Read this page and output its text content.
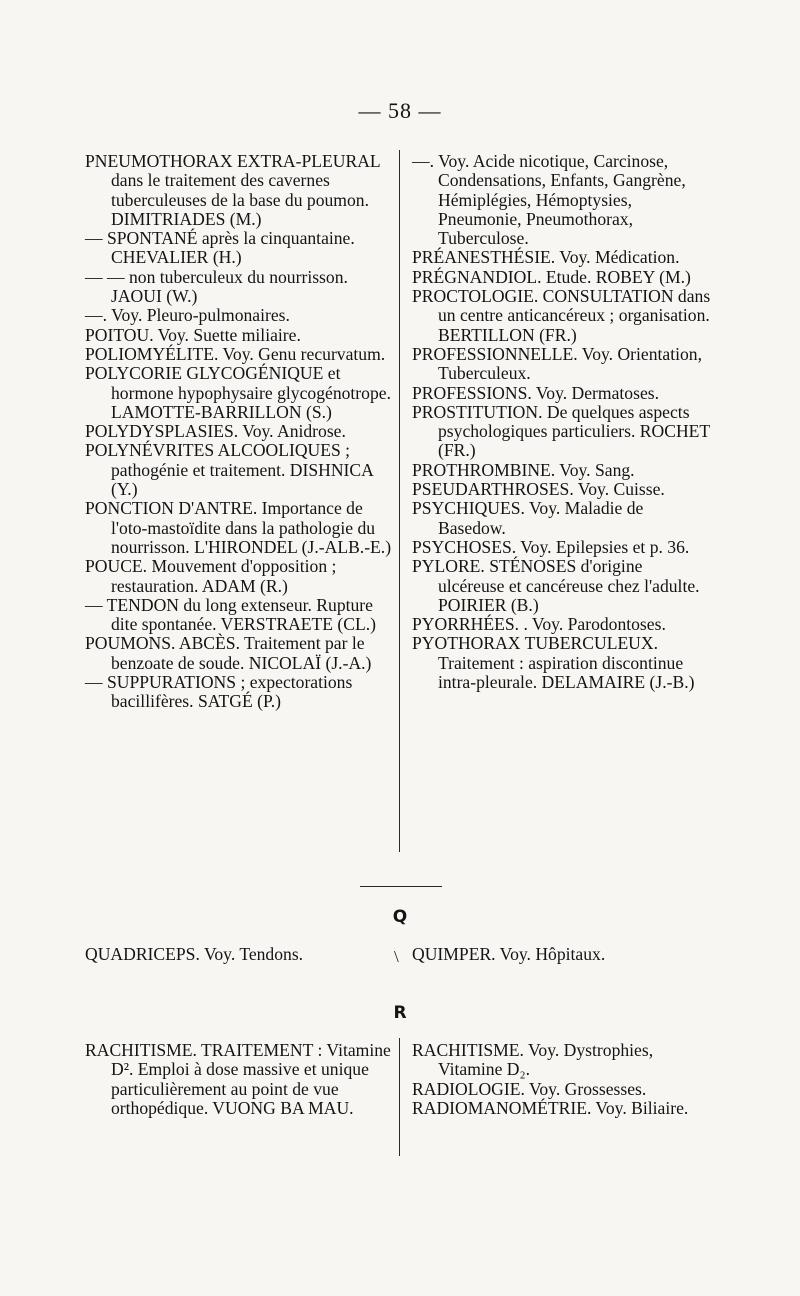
— 58 —

PNEUMOTHORAX EXTRA-PLEURAL dans le traitement des cavernes tuberculeuses de la base du poumon. DIMITRIADES (M.)

— SPONTANÉ après la cinquantaine. CHEVALIER (H.)

— — non tuberculeux du nourrisson. JAOUI (W.)

—. Voy. Pleuro-pulmonaires.

POITOU. Voy. Suette miliaire.

POLIOMYÉLITE. Voy. Genu recurvatum.

POLYCORIE GLYCOGÉNIQUE et hormone hypophysaire glycogénotrope. LAMOTTE-BARRILLON (S.)

POLYDYSPLASIES. Voy. Anidrose.

POLYNÉVRITES ALCOOLIQUES ; pathogénie et traitement. DISHNICA (Y.)

PONCTION D'ANTRE. Importance de l'oto-mastoïdite dans la pathologie du nourrisson. L'HIRONDEL (J.-ALB.-E.)

POUCE. Mouvement d'opposition ; restauration. ADAM (R.)

— TENDON du long extenseur. Rupture dite spontanée. VERSTRAETE (CL.)

POUMONS. ABCÈS. Traitement par le benzoate de soude. NICOLAÏ (J.-A.)

— SUPPURATIONS ; expectorations bacillifères. SATGÉ (P.)

—. Voy. Acide nicotique, Carcinose, Condensations, Enfants, Gangrène, Hémiplégies, Hémoptysies, Pneumonie, Pneumothorax, Tuberculose.

PRÉANESTHÉSIE. Voy. Médication.

PRÉGNANDIOL. Etude. ROBEY (M.)

PROCTOLOGIE. CONSULTATION dans un centre anticancéreux ; organisation. BERTILLON (FR.)

PROFESSIONNELLE. Voy. Orientation, Tuberculeux.

PROFESSIONS. Voy. Dermatoses.

PROSTITUTION. De quelques aspects psychologiques particuliers. ROCHET (FR.)

PROTHROMBINE. Voy. Sang.

PSEUDARTHROSES. Voy. Cuisse.

PSYCHIQUES. Voy. Maladie de Basedow.

PSYCHOSES. Voy. Epilepsies et p. 36.

PYLORE. STÉNOSES d'origine ulcéreuse et cancéreuse chez l'adulte. POIRIER (B.)

PYORRHÉES. . Voy. Parodontoses.

PYOTHORAX TUBERCULEUX. Traitement : aspiration discontinue intra-pleurale. DELAMAIRE (J.-B.)

Q
QUADRICEPS. Voy. Tendons.	\ QUIMPER. Voy. Hôpitaux.
R

RACHITISME. TRAITEMENT : Vitamine D². Emploi à dose massive et unique particulièrement au point de vue orthopédique. VUONG BA MAU.

RACHITISME. Voy. Dystrophies, Vitamine D₂.

RADIOLOGIE. Voy. Grossesses.

RADIOMANOMÉTRIE. Voy. Biliaire.
